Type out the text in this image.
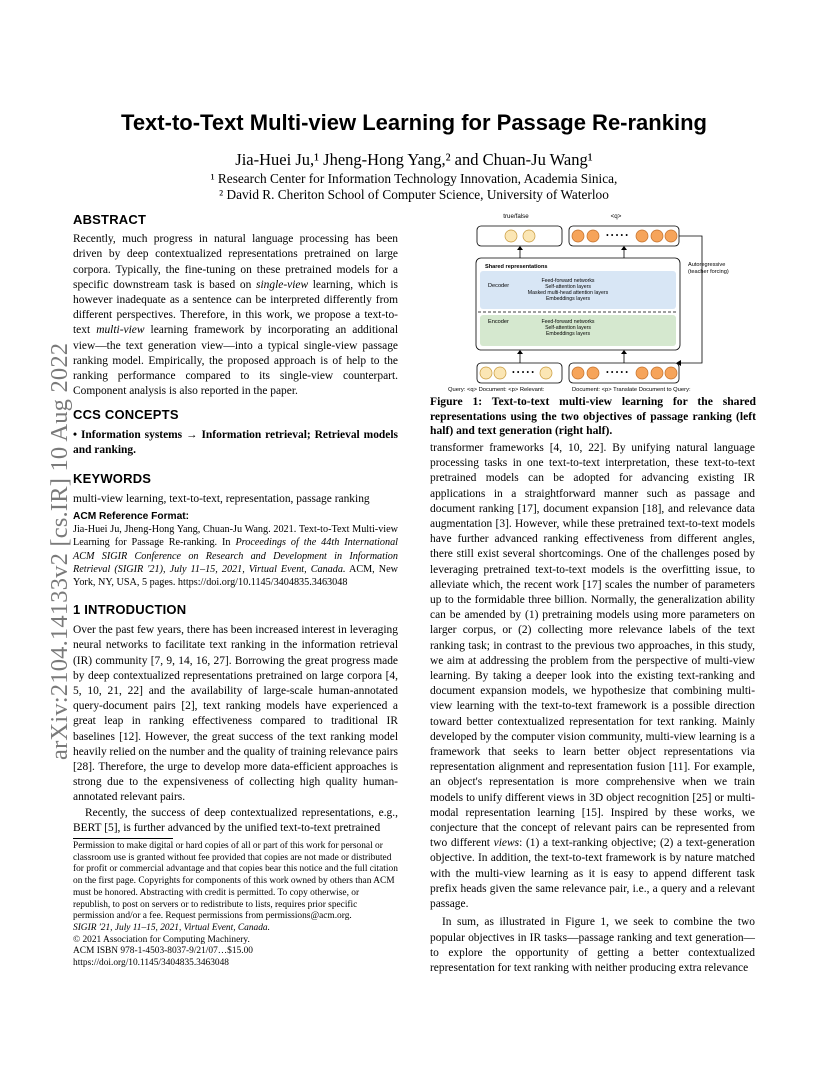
arXiv:2104.14133v2 [cs.IR] 10 Aug 2022
Text-to-Text Multi-view Learning for Passage Re-ranking
Jia-Huei Ju,¹ Jheng-Hong Yang,² and Chuan-Ju Wang¹
¹ Research Center for Information Technology Innovation, Academia Sinica,
² David R. Cheriton School of Computer Science, University of Waterloo
ABSTRACT

Recently, much progress in natural language processing has been driven by deep contextualized representations pretrained on large corpora. Typically, the fine-tuning on these pretrained models for a specific downstream task is based on single-view learning, which is however inadequate as a sentence can be interpreted differently from different perspectives. Therefore, in this work, we propose a text-to-text multi-view learning framework by incorporating an additional view—the text generation view—into a typical single-view passage ranking model. Empirically, the proposed approach is of help to the ranking performance compared to its single-view counterpart. Component analysis is also reported in the paper.

CCS CONCEPTS

• Information systems → Information retrieval; Retrieval models and ranking.

KEYWORDS

multi-view learning, text-to-text, representation, passage ranking

ACM Reference Format:

Jia-Huei Ju, Jheng-Hong Yang, Chuan-Ju Wang. 2021. Text-to-Text Multi-view Learning for Passage Re-ranking. In Proceedings of the 44th International ACM SIGIR Conference on Research and Development in Information Retrieval (SIGIR '21), July 11–15, 2021, Virtual Event, Canada. ACM, New York, NY, USA, 5 pages. https://doi.org/10.1145/3404835.3463048

1 INTRODUCTION

Over the past few years, there has been increased interest in leveraging neural networks to facilitate text ranking in the information retrieval (IR) community [7, 9, 14, 16, 27]. Borrowing the great progress made by deep contextualized representations pretrained on large corpora [4, 5, 10, 21, 22] and the availability of large-scale human-annotated query-document pairs [2], text ranking models have experienced a great leap in ranking effectiveness compared to traditional IR baselines [12]. However, the great success of the text ranking model heavily relied on the number and the quality of training relevance pairs [28]. Therefore, the urge to develop more data-efficient approaches is strong due to the expensiveness of collecting high quality human-annotated relevant pairs.

Recently, the success of deep contextualized representations, e.g., BERT [5], is further advanced by the unified text-to-text pretrained

Permission to make digital or hard copies of all or part of this work for personal or classroom use is granted without fee provided that copies are not made or distributed for profit or commercial advantage and that copies bear this notice and the full citation on the first page. Copyrights for components of this work owned by others than ACM must be honored. Abstracting with credit is permitted. To copy otherwise, or republish, to post on servers or to redistribute to lists, requires prior specific permission and/or a fee. Request permissions from permissions@acm.org.

SIGIR '21, July 11–15, 2021, Virtual Event, Canada.

© 2021 Association for Computing Machinery.

ACM ISBN 978-1-4503-8037-9/21/07…$15.00

https://doi.org/10.1145/3404835.3463048

true/false	<q>
• • • • •
Shared representations
Decoder
Feed-forward networks
Self-attention layers
Masked multi-head attention layers
Embeddings layers
Encoder	Feed-forward networks
Self-attention layers
Embeddings layers
Autoregressive
(teacher forcing)
• • • • •	• • • • •
Query: <q> Document: <p> Relevant:	Document: <p> Translate Document to Query:
Figure 1: Text-to-text multi-view learning for the shared representations using the two objectives of passage ranking (left half) and text generation (right half).

transformer frameworks [4, 10, 22]. By unifying natural language processing tasks in one text-to-text interpretation, these text-to-text pretrained models can be adopted for advancing existing IR applications in a straightforward manner such as passage and document ranking [17], document expansion [18], and relevance data augmentation [3]. However, while these pretrained text-to-text models have further advanced ranking effectiveness from different angles, there still exist several shortcomings. One of the challenges posed by leveraging pretrained text-to-text models is the overfitting issue, to alleviate which, the recent work [17] scales the number of parameters up to the formidable three billion. Normally, the generalization ability can be amended by (1) pretraining models using more parameters on larger corpus, or (2) collecting more relevance labels of the text ranking task; in contrast to the previous two approaches, in this study, we aim at addressing the problem from the perspective of multi-view learning. By taking a deeper look into the existing text-ranking and document expansion models, we hypothesize that combining multi-view learning with the text-to-text framework is a possible direction toward better contextualized representation for text ranking. Mainly developed by the computer vision community, multi-view learning is a framework that seeks to learn better object representations via representation alignment and representation fusion [11]. For example, an object's representation is more comprehensive when we train models to unify different views in 3D object recognition [25] or multi-modal representation learning [15]. Inspired by these works, we conjecture that the concept of relevant pairs can be represented from two different views: (1) a text-ranking objective; (2) a text-generation objective. In addition, the text-to-text framework is by nature matched with the multi-view learning as it is easy to append different task prefix heads given the same relevance pair, i.e., a query and a relevant passage.

In sum, as illustrated in Figure 1, we seek to combine the two popular objectives in IR tasks—passage ranking and text generation—to explore the opportunity of getting a better contextualized representation for text ranking with neither producing extra relevance
